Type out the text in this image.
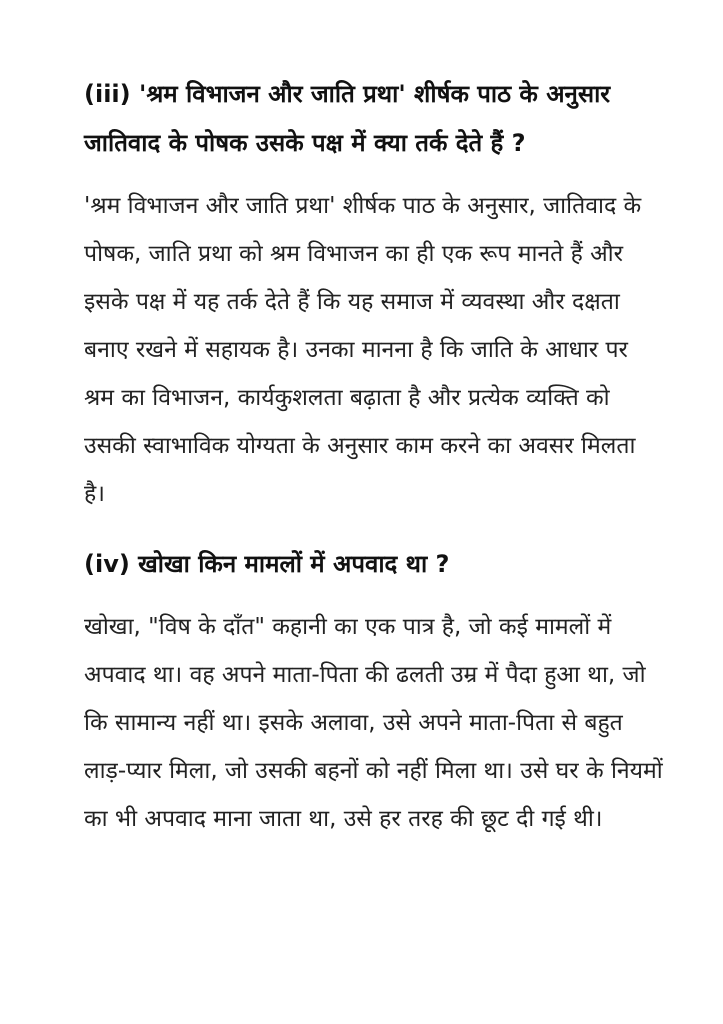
(iii) 'श्रम विभाजन और जाति प्रथा' शीर्षक पाठ के अनुसार जातिवाद के पोषक उसके पक्ष में क्या तर्क देते हैं ?

'श्रम विभाजन और जाति प्रथा' शीर्षक पाठ के अनुसार, जातिवाद के पोषक, जाति प्रथा को श्रम विभाजन का ही एक रूप मानते हैं और इसके पक्ष में यह तर्क देते हैं कि यह समाज में व्यवस्था और दक्षता बनाए रखने में सहायक है। उनका मानना है कि जाति के आधार पर श्रम का विभाजन, कार्यकुशलता बढ़ाता है और प्रत्येक व्यक्ति को उसकी स्वाभाविक योग्यता के अनुसार काम करने का अवसर मिलता है।

(iv) खोखा किन मामलों में अपवाद था ?

खोखा, "विष के दाँत" कहानी का एक पात्र है, जो कई मामलों में अपवाद था। वह अपने माता-पिता की ढलती उम्र में पैदा हुआ था, जो कि सामान्य नहीं था। इसके अलावा, उसे अपने माता-पिता से बहुत लाड़-प्यार मिला, जो उसकी बहनों को नहीं मिला था। उसे घर के नियमों का भी अपवाद माना जाता था, उसे हर तरह की छूट दी गई थी।
